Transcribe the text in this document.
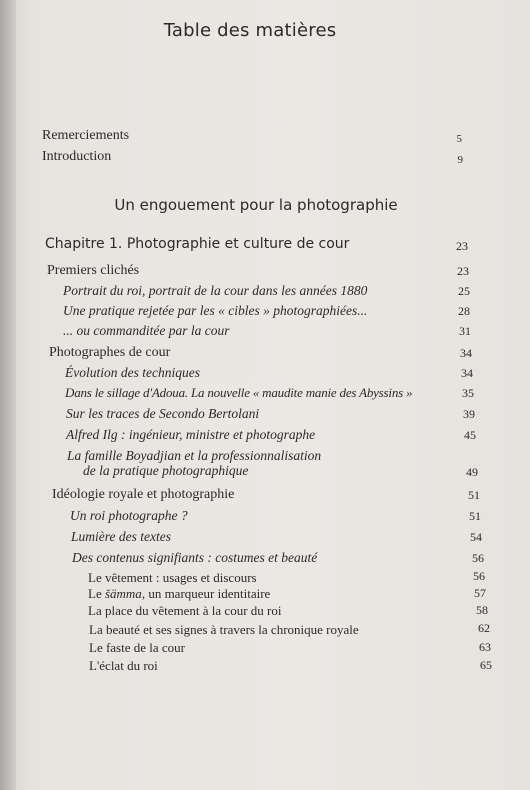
Table des matières
Remerciements	5
Introduction	9
Un engouement pour la photographie
Chapitre 1. Photographie et culture de cour	23
Premiers clichés	23
Portrait du roi, portrait de la cour dans les années 1880	25
Une pratique rejetée par les « cibles » photographiées...	28
... ou commanditée par la cour	31
Photographes de cour	34
Évolution des techniques	34
Dans le sillage d'Adoua. La nouvelle « maudite manie des Abyssins »	35
Sur les traces de Secondo Bertolani	39
Alfred Ilg : ingénieur, ministre et photographe	45
La famille Boyadjian et la professionnalisation
de la pratique photographique	49
Idéologie royale et photographie	51
Un roi photographe ?	51
Lumière des textes	54
Des contenus signifiants : costumes et beauté	56
Le vêtement : usages et discours	56
Le šämma, un marqueur identitaire	57
La place du vêtement à la cour du roi	58
La beauté et ses signes à travers la chronique royale	62
Le faste de la cour	63
L'éclat du roi	65
